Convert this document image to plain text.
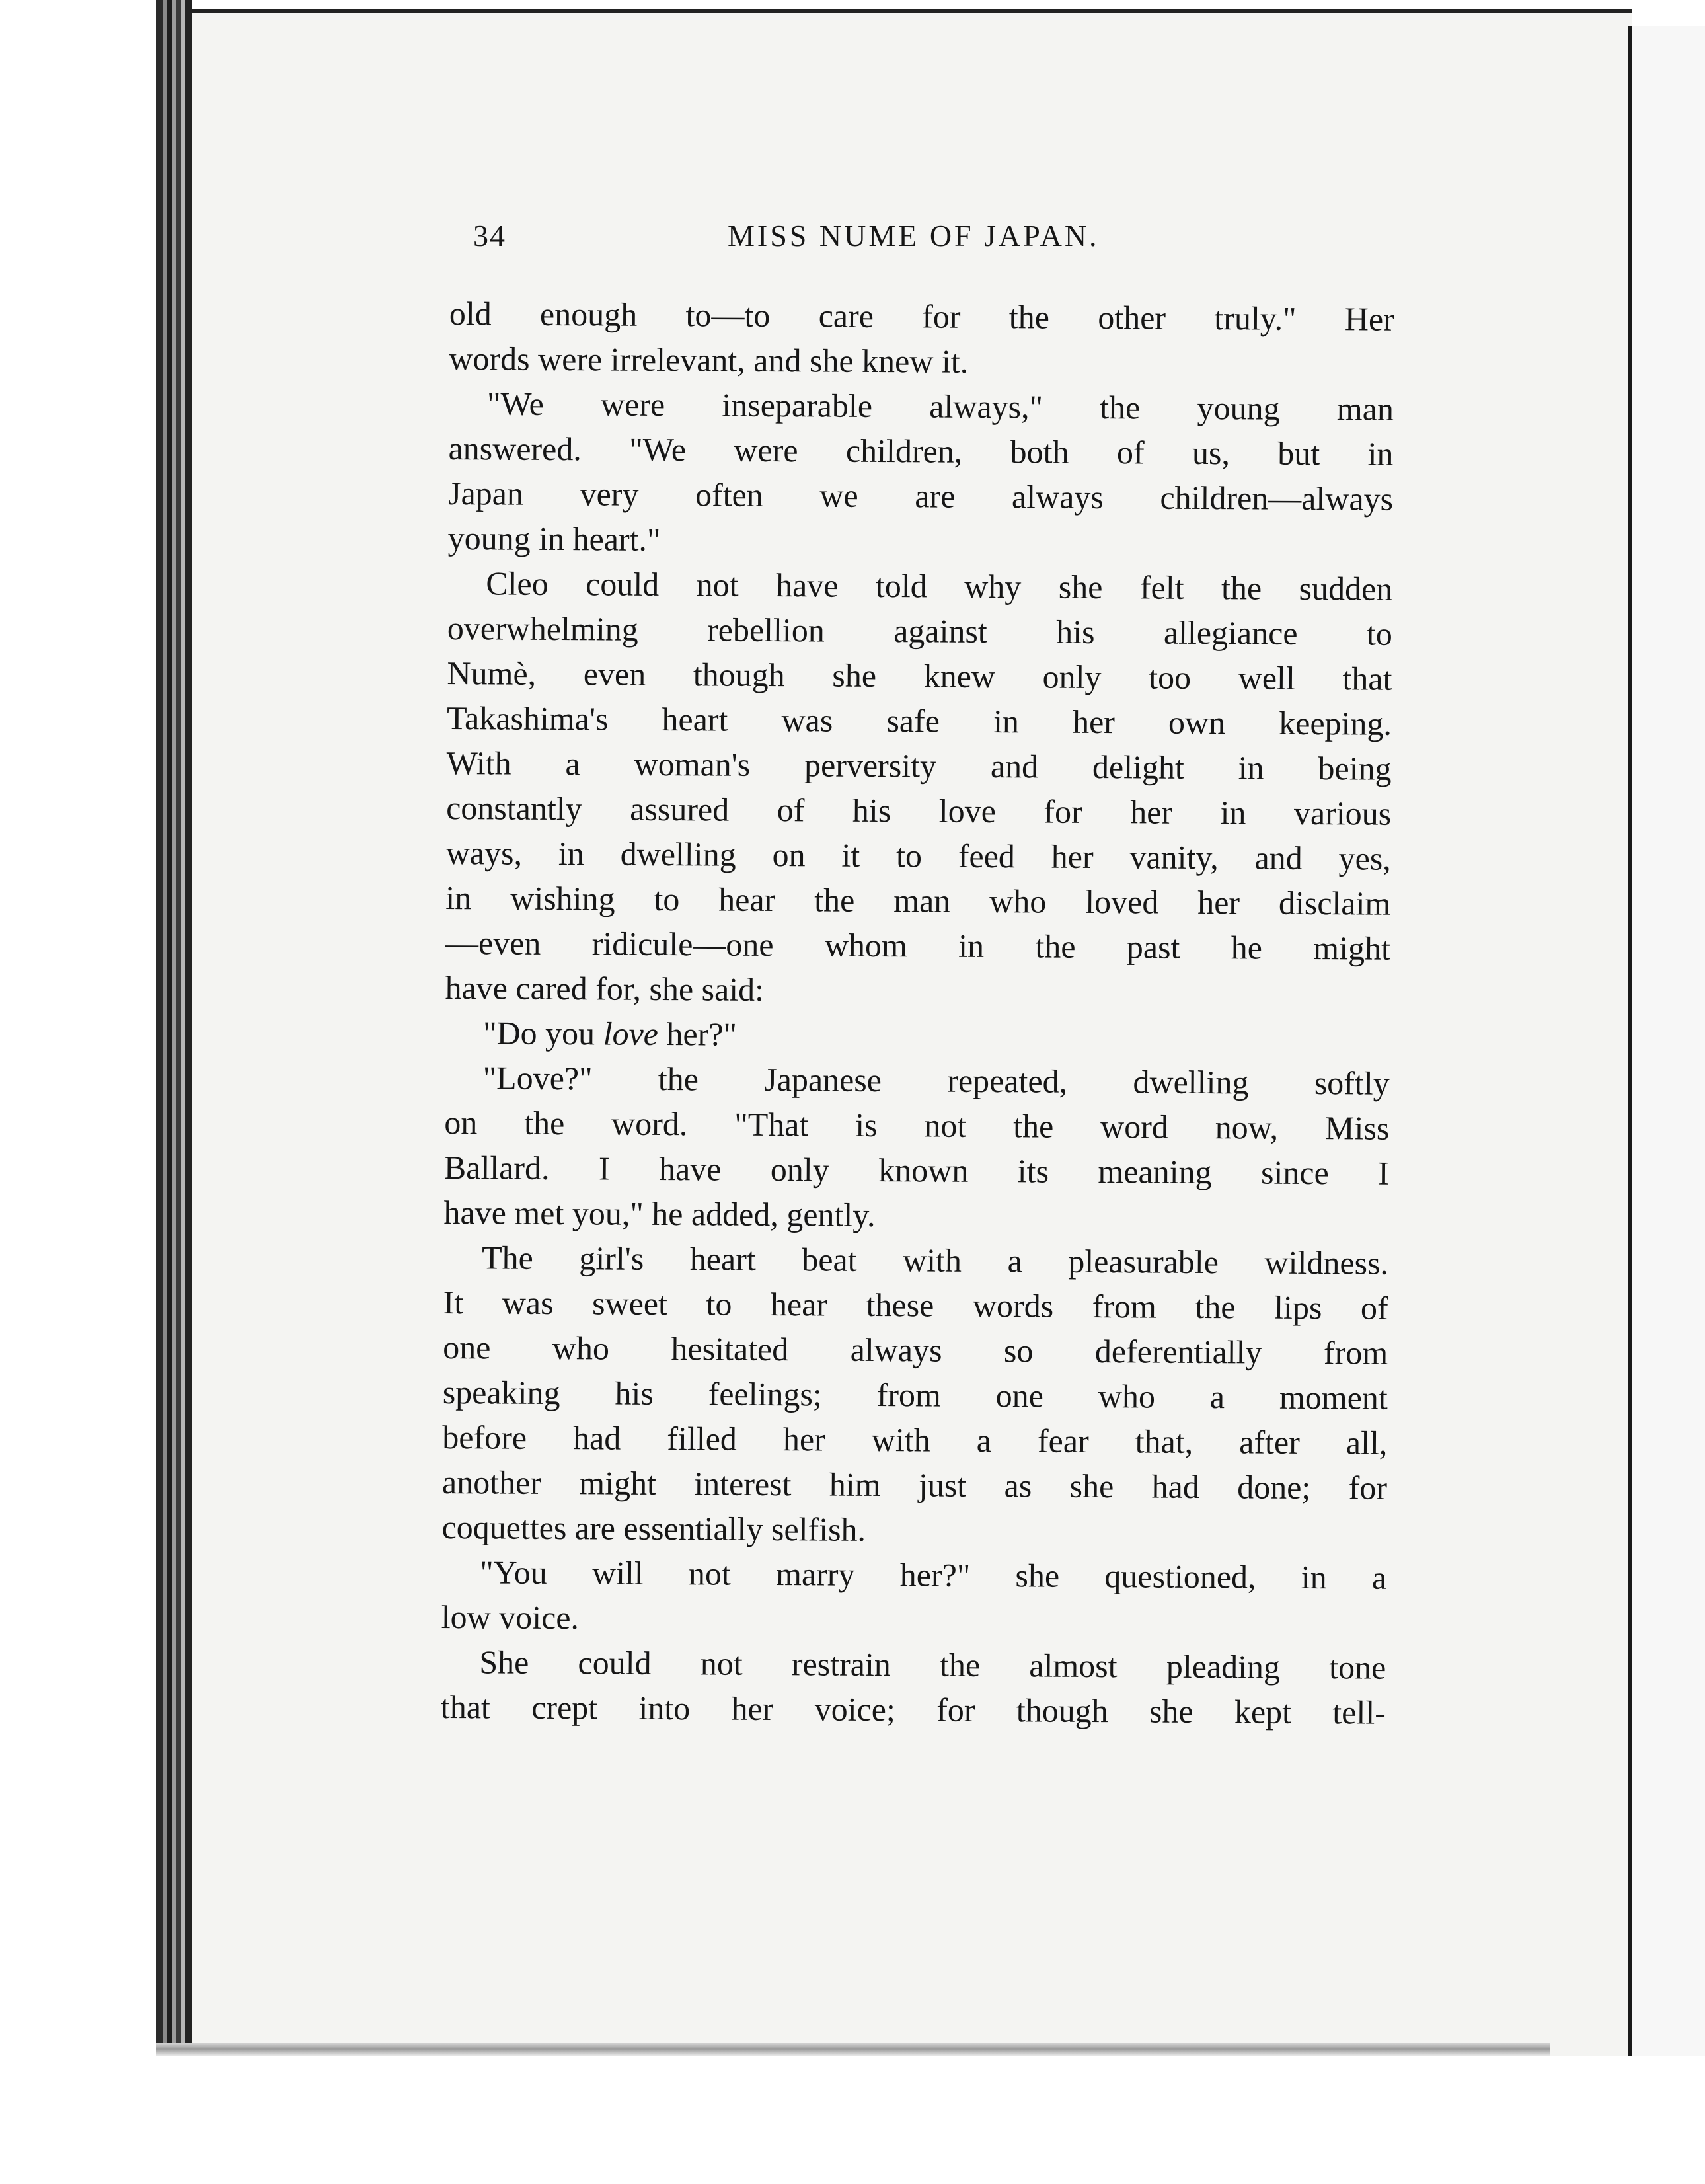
34	MISS NUME OF JAPAN.
old enough to—to care for the other truly." Her
words were irrelevant, and she knew it.
"We were inseparable always," the young man
answered. "We were children, both of us, but in
Japan very often we are always children—always
young in heart."
Cleo could not have told why she felt the sudden
overwhelming rebellion against his allegiance to
Numè, even though she knew only too well that
Takashima's heart was safe in her own keeping.
With a woman's perversity and delight in being
constantly assured of his love for her in various
ways, in dwelling on it to feed her vanity, and yes,
in wishing to hear the man who loved her disclaim
—even ridicule—one whom in the past he might
have cared for, she said:
"Do you love her?"
"Love?" the Japanese repeated, dwelling softly
on the word. "That is not the word now, Miss
Ballard. I have only known its meaning since I
have met you," he added, gently.
The girl's heart beat with a pleasurable wildness.
It was sweet to hear these words from the lips of
one who hesitated always so deferentially from
speaking his feelings; from one who a moment
before had filled her with a fear that, after all,
another might interest him just as she had done; for
coquettes are essentially selfish.
"You will not marry her?" she questioned, in a
low voice.
She could not restrain the almost pleading tone
that crept into her voice; for though she kept tell-
